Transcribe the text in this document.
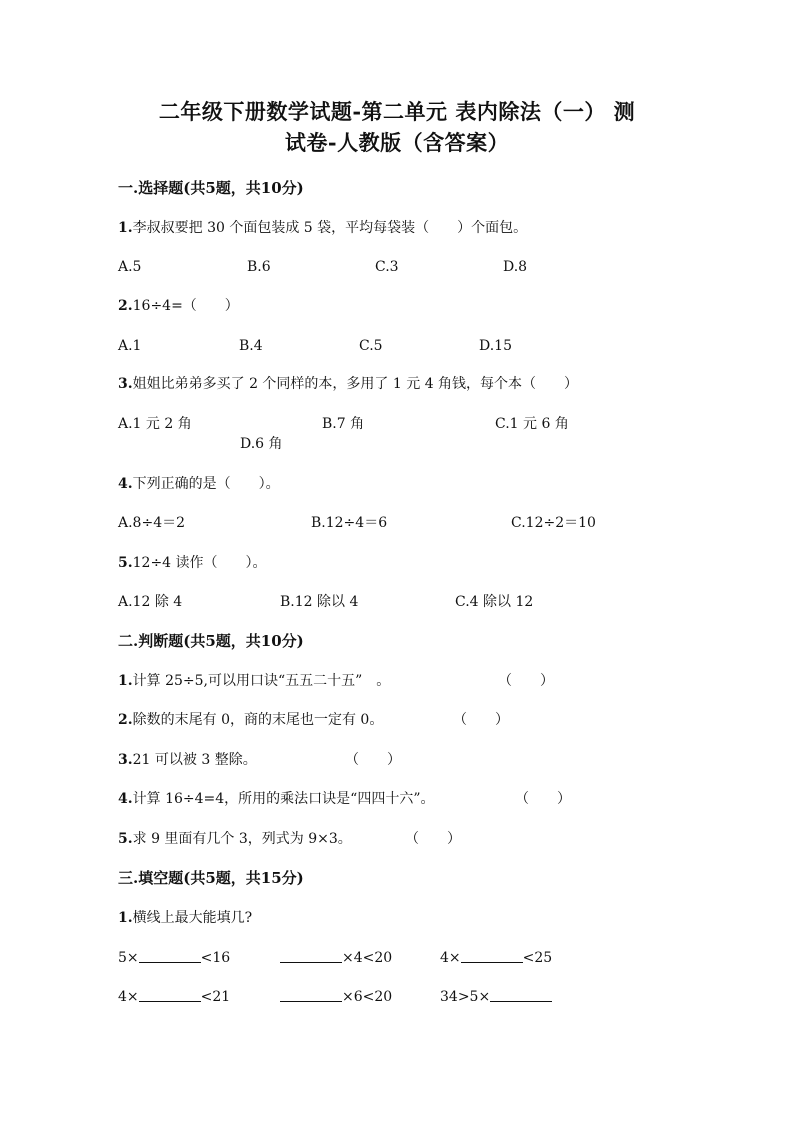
二年级下册数学试题-第二单元 表内除法（一） 测
试卷-人教版（含答案）
一.选择题(共5题，共10分)
1.李叔叔要把 30 个面包装成 5 袋，平均每袋装（　　）个面包。
A.5	B.6	C.3	D.8
2.16÷4=（　　）
A.1	B.4	C.5	D.15
3.姐姐比弟弟多买了 2 个同样的本，多用了 1 元 4 角钱，每个本（　　）
A.1 元 2 角	B.7 角	C.1 元 6 角
D.6 角
4.下列正确的是（　　）。
A.8÷4＝2	B.12÷4＝6	C.12÷2＝10
5.12÷4 读作（　　）。
A.12 除 4	B.12 除以 4	C.4 除以 12
二.判断题(共5题，共10分)
1.计算 25÷5,可以用口诀“五五二十五”　。	（　　）
2.除数的末尾有 0，商的末尾也一定有 0。	（　　）
3.21 可以被 3 整除。	（　　）
4.计算 16÷4=4，所用的乘法口诀是“四四十六”。	（　　）
5.求 9 里面有几个 3，列式为 9×3。	（　　）
三.填空题(共5题，共15分)
1.横线上最大能填几?
5×	<16	×4<20	4×	<25
4×	<21	×6<20	34>5×
